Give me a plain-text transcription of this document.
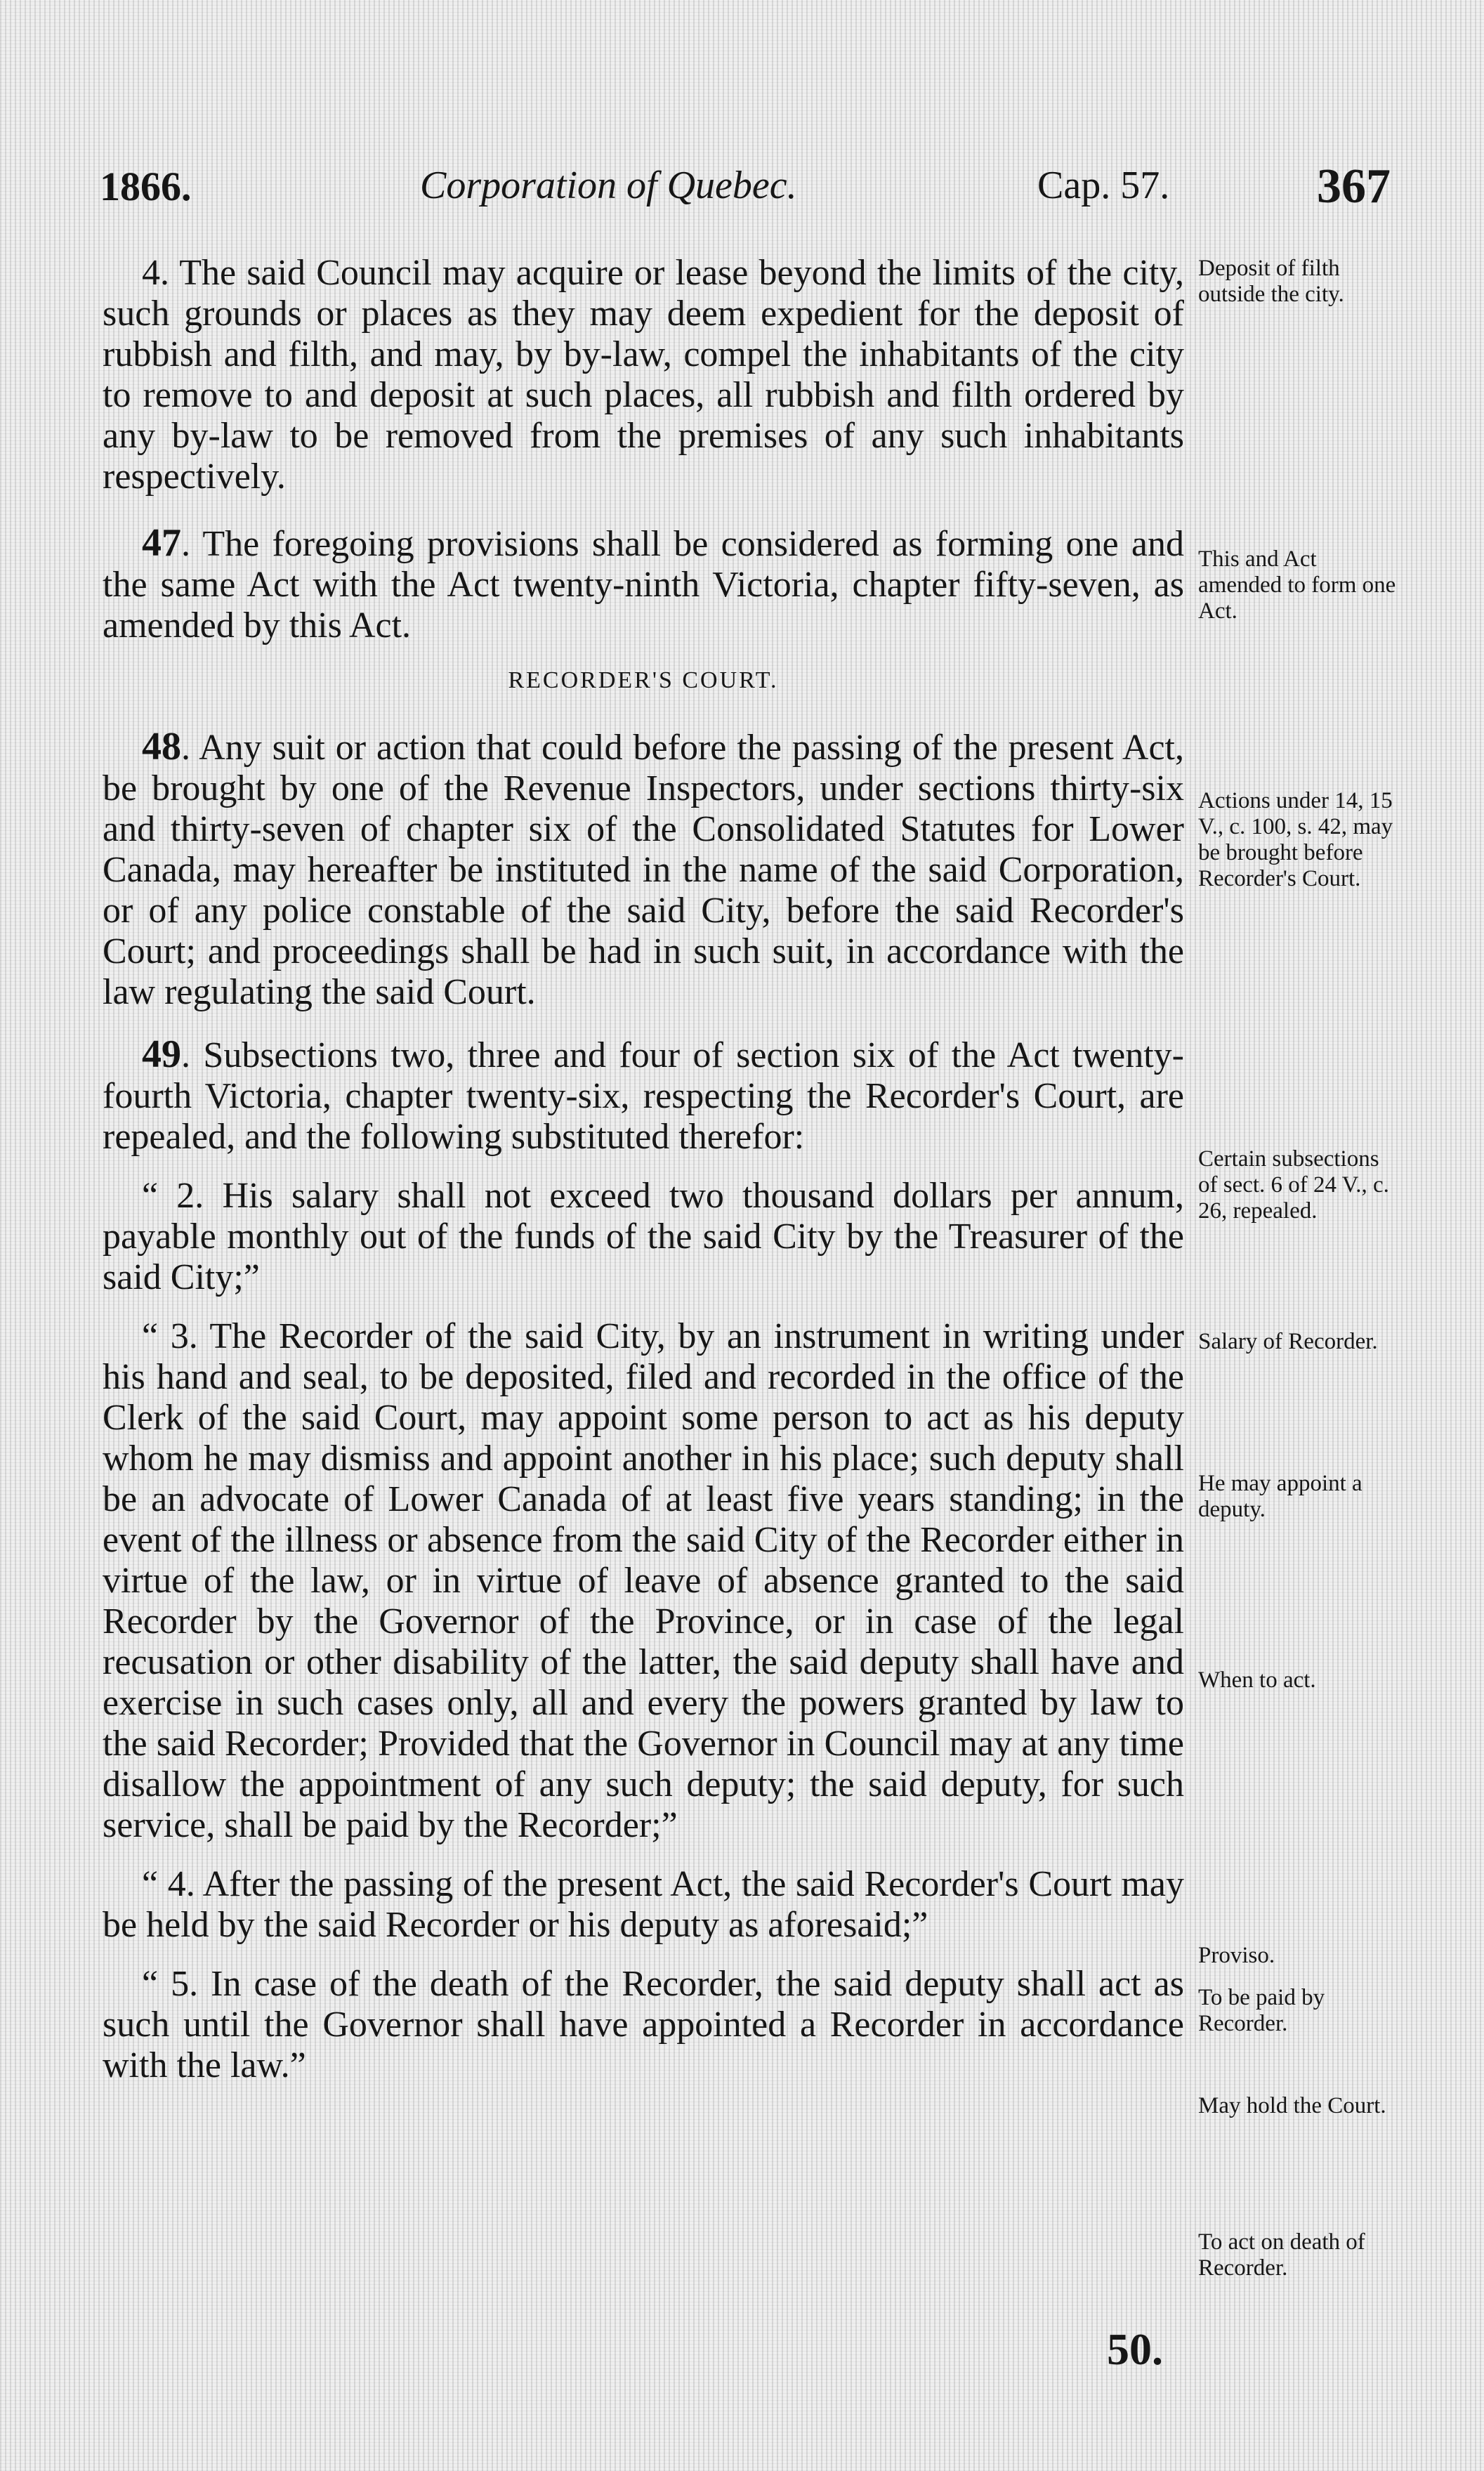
1866.	Corporation of Quebec.	Cap. 57.	367

4. The said Council may acquire or lease beyond the limits of the city, such grounds or places as they may deem expedient for the deposit of rubbish and filth, and may, by by-law, compel the inhabitants of the city to remove to and deposit at such places, all rubbish and filth ordered by any by-law to be removed from the premises of any such inhabitants respectively.

47. The foregoing provisions shall be considered as forming one and the same Act with the Act twenty-ninth Victoria, chapter fifty-seven, as amended by this Act.

RECORDER'S COURT.

48. Any suit or action that could before the passing of the present Act, be brought by one of the Revenue Inspectors, under sections thirty-six and thirty-seven of chapter six of the Consolidated Statutes for Lower Canada, may hereafter be instituted in the name of the said Corporation, or of any police constable of the said City, before the said Recorder's Court; and proceedings shall be had in such suit, in accordance with the law regulating the said Court.

49. Subsections two, three and four of section six of the Act twenty-fourth Victoria, chapter twenty-six, respecting the Recorder's Court, are repealed, and the following substituted therefor:

“ 2. His salary shall not exceed two thousand dollars per annum, payable monthly out of the funds of the said City by the Treasurer of the said City;”

“ 3. The Recorder of the said City, by an instrument in writing under his hand and seal, to be deposited, filed and recorded in the office of the Clerk of the said Court, may appoint some person to act as his deputy whom he may dismiss and appoint another in his place; such deputy shall be an advocate of Lower Canada of at least five years standing; in the event of the illness or absence from the said City of the Recorder either in virtue of the law, or in virtue of leave of absence granted to the said Recorder by the Governor of the Province, or in case of the legal recusation or other disability of the latter, the said deputy shall have and exercise in such cases only, all and every the powers granted by law to the said Recorder; Provided that the Governor in Council may at any time disallow the appointment of any such deputy; the said deputy, for such service, shall be paid by the Recorder;”

“ 4. After the passing of the present Act, the said Recorder's Court may be held by the said Recorder or his deputy as aforesaid;”

“ 5. In case of the death of the Recorder, the said deputy shall act as such until the Governor shall have appointed a Recorder in accordance with the law.”

Deposit of filth outside the city.
This and Act amended to form one Act.
Actions under 14, 15 V., c. 100, s. 42, may be brought before Recorder's Court.
Certain subsections of sect. 6 of 24 V., c. 26, repealed.
Salary of Recorder.
He may appoint a deputy.
When to act.
Proviso.
To be paid by Recorder.
May hold the Court.
To act on death of Recorder.
50.
